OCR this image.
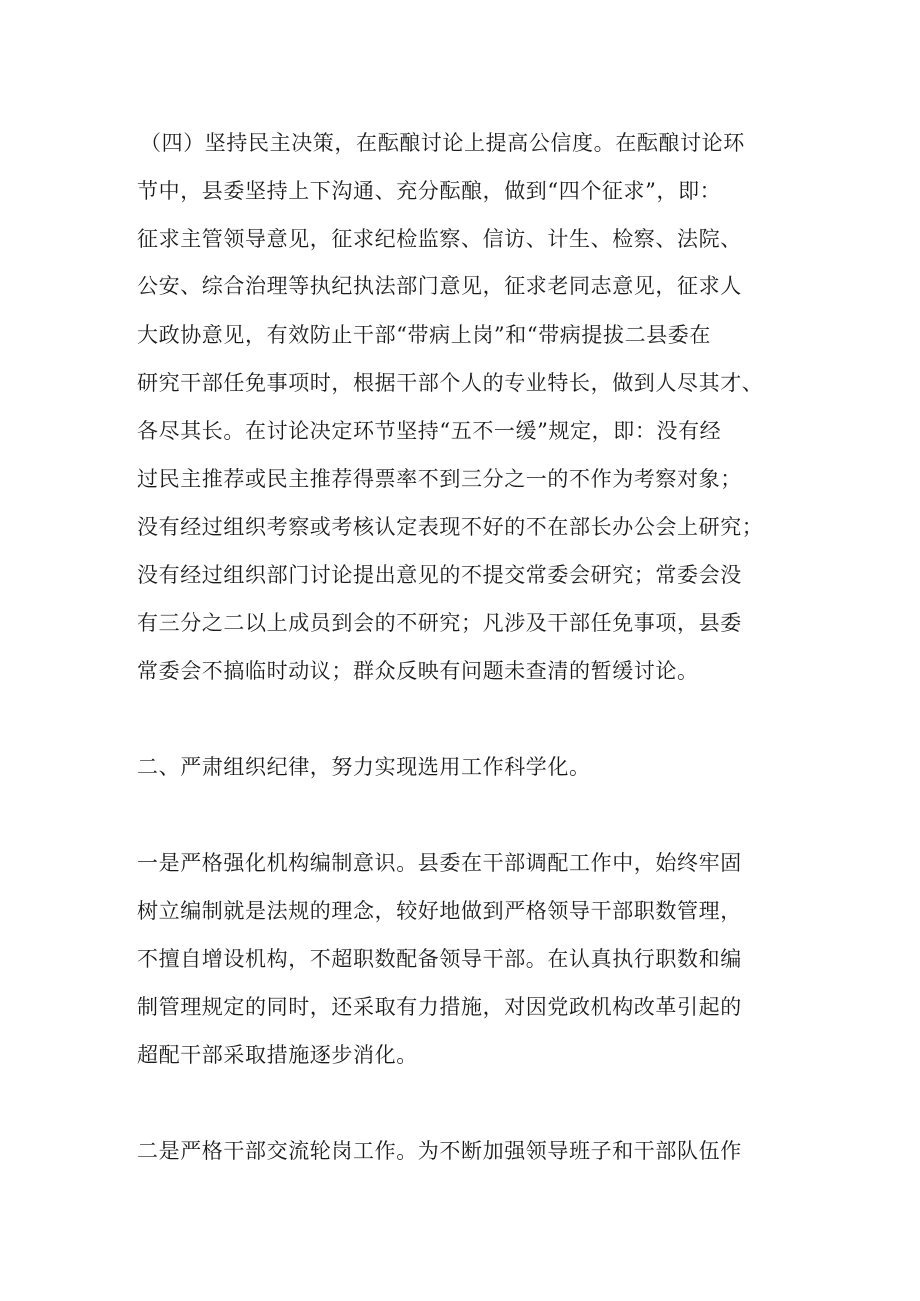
（四）坚持民主决策，在酝酿讨论上提高公信度。在酝酿讨论环

节中，县委坚持上下沟通、充分酝酿，做到“四个征求”，即：

征求主管领导意见，征求纪检监察、信访、计生、检察、法院、

公安、综合治理等执纪执法部门意见，征求老同志意见，征求人

大政协意见，有效防止干部“带病上岗”和“带病提拔二县委在

研究干部任免事项时，根据干部个人的专业特长，做到人尽其才、

各尽其长。在讨论决定环节坚持“五不一缓”规定，即：没有经

过民主推荐或民主推荐得票率不到三分之一的不作为考察对象；

没有经过组织考察或考核认定表现不好的不在部长办公会上研究；

没有经过组织部门讨论提出意见的不提交常委会研究；常委会没

有三分之二以上成员到会的不研究；凡涉及干部任免事项，县委

常委会不搞临时动议；群众反映有问题未查清的暂缓讨论。

二、严肃组织纪律，努力实现选用工作科学化。

一是严格强化机构编制意识。县委在干部调配工作中，始终牢固

树立编制就是法规的理念，较好地做到严格领导干部职数管理，

不擅自增设机构，不超职数配备领导干部。在认真执行职数和编

制管理规定的同时，还采取有力措施，对因党政机构改革引起的

超配干部采取措施逐步消化。

二是严格干部交流轮岗工作。为不断加强领导班子和干部队伍作
